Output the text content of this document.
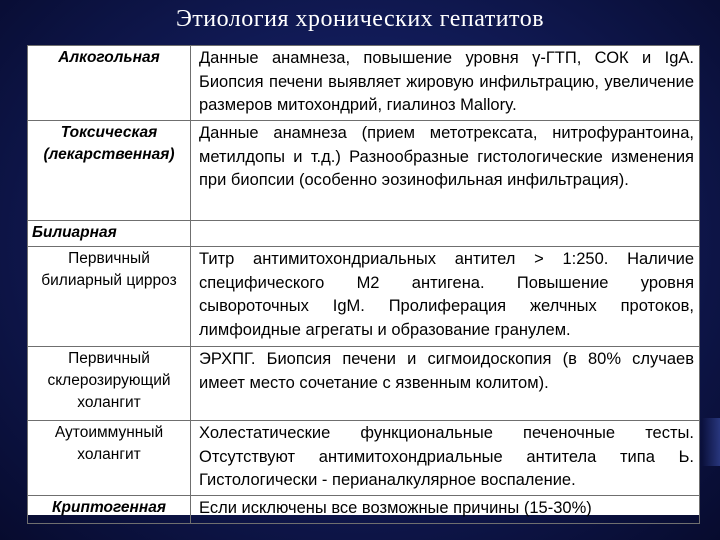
Этиология хронических гепатитов
Алкогольная	Данные анамнеза, повышение уровня γ-ГТП, СОК и IgA. Биопсия печени выявляет жировую инфильтрацию, увеличение размеров митохондрий, гиалиноз Mallory.
Токсическая (лекарственная)	Данные анамнеза (прием метотрексата, нитрофурантоина, метилдопы и т.д.) Разнообразные гистологические изменения при биопсии (особенно эозинофильная инфильтрация).
Билиарная	
Первичный билиарный цирроз	Титр антимитохондриальных антител > 1:250. Наличие специфического М2 антигена. Повышение уровня сывороточных IgM. Пролиферация желчных протоков, лимфоидные агрегаты и образование гранулем.
Первичный склерозирующий холангит	ЭРХПГ. Биопсия печени и сигмоидоскопия (в 80% случаев имеет место сочетание с язвенным колитом).
Аутоиммунный холангит	Холестатические функциональные печеночные тесты. Отсутствуют антимитохондриальные антитела типа Ь. Гистологически - перианалкулярное воспаление.
Криптогенная	Если исключены все возможные причины (15-30%)
